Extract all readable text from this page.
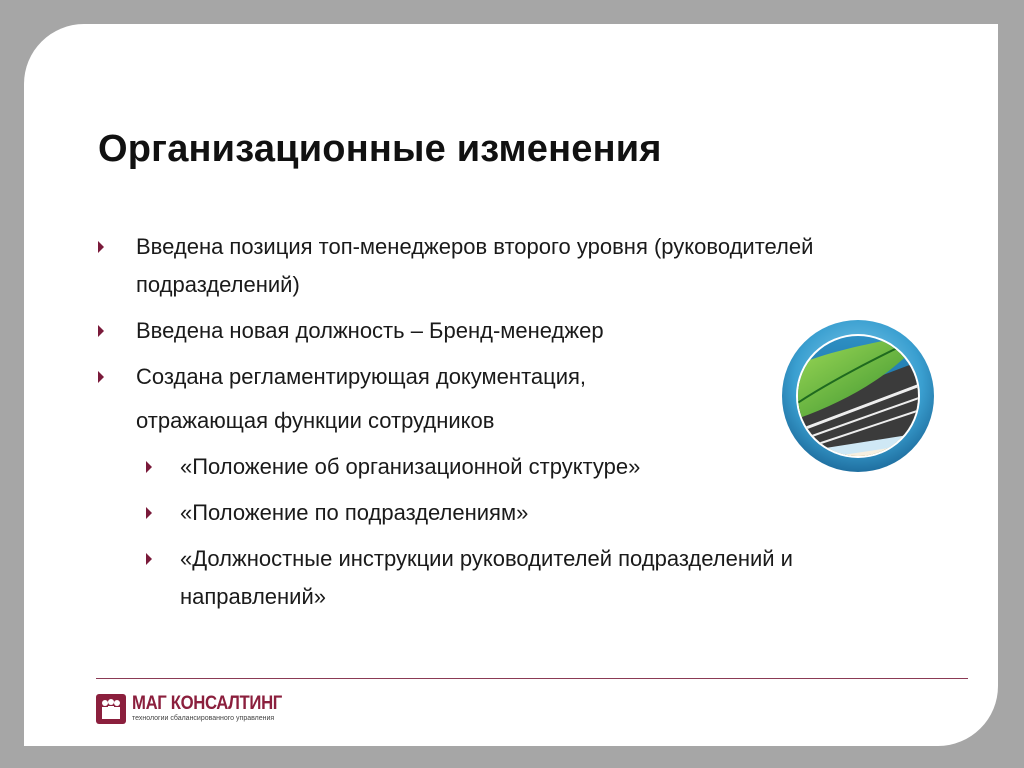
Организационные изменения
Введена позиция топ-менеджеров второго уровня (руководителей
подразделений)
Введена новая должность – Бренд-менеджер
Создана регламентирующая документация,
отражающая функции сотрудников
«Положение об организационной структуре»
«Положение по подразделениям»
«Должностные инструкции руководителей подразделений и
направлений»
МАГ КОНСАЛТИНГ
технологии сбалансированного управления
